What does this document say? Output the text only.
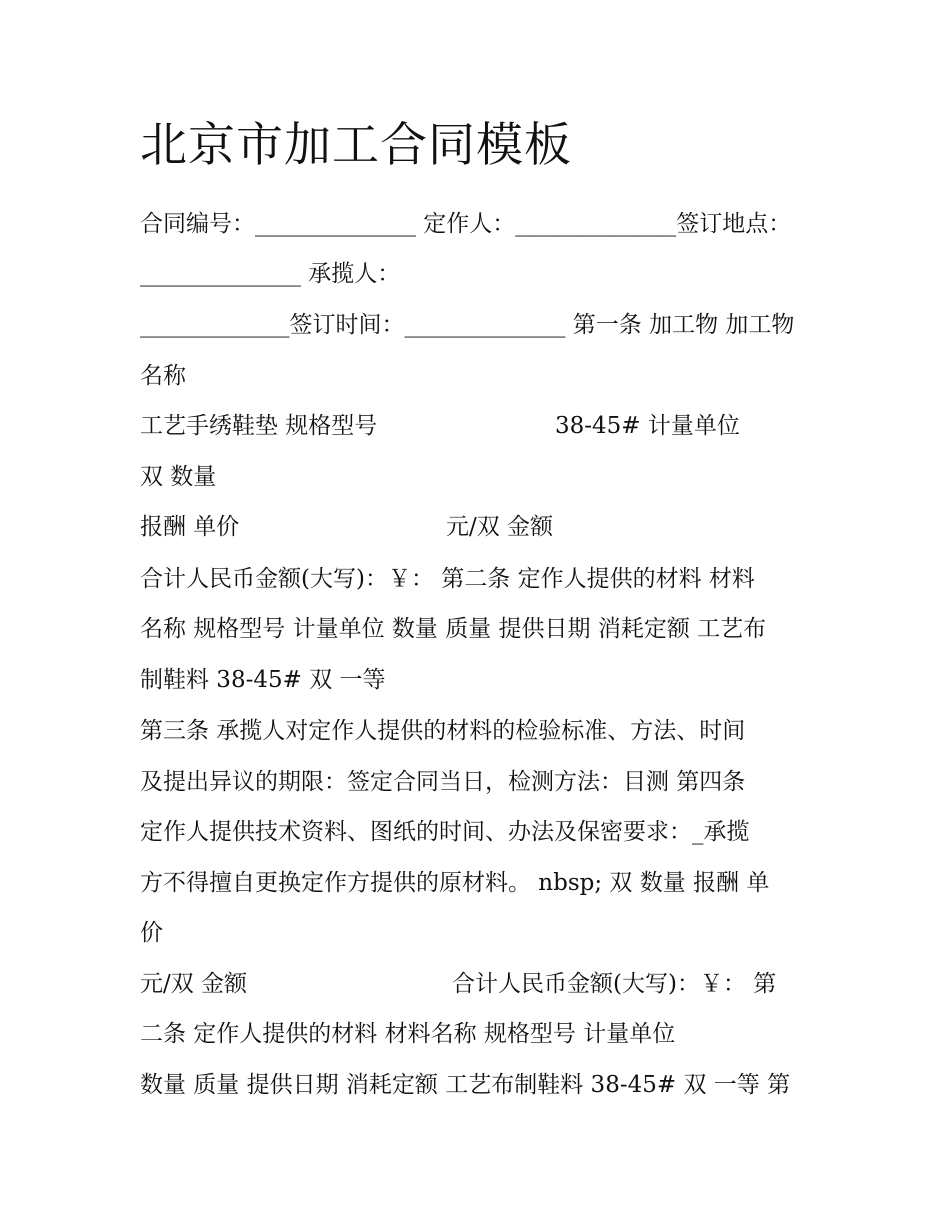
北京市加工合同模板
合同编号：______________ 定作人：______________签订地点：
______________ 承揽人：
_____________签订时间：______________ 第一条 加工物 加工物
名称
工艺手绣鞋垫 规格型号	38-45# 计量单位
双 数量
报酬 单价	元/双 金额
合计人民币金额(大写)：￥： 第二条 定作人提供的材料 材料
名称 规格型号 计量单位 数量 质量 提供日期 消耗定额 工艺布
制鞋料 38-45# 双 一等
第三条 承揽人对定作人提供的材料的检验标准、方法、时间
及提出异议的期限：签定合同当日，检测方法：目测 第四条
定作人提供技术资料、图纸的时间、办法及保密要求：_承揽
方不得擅自更换定作方提供的原材料。 nbsp; 双 数量 报酬 单
价
元/双 金额	合计人民币金额(大写)：￥： 第
二条 定作人提供的材料 材料名称 规格型号 计量单位
数量 质量 提供日期 消耗定额 工艺布制鞋料 38-45# 双 一等 第
